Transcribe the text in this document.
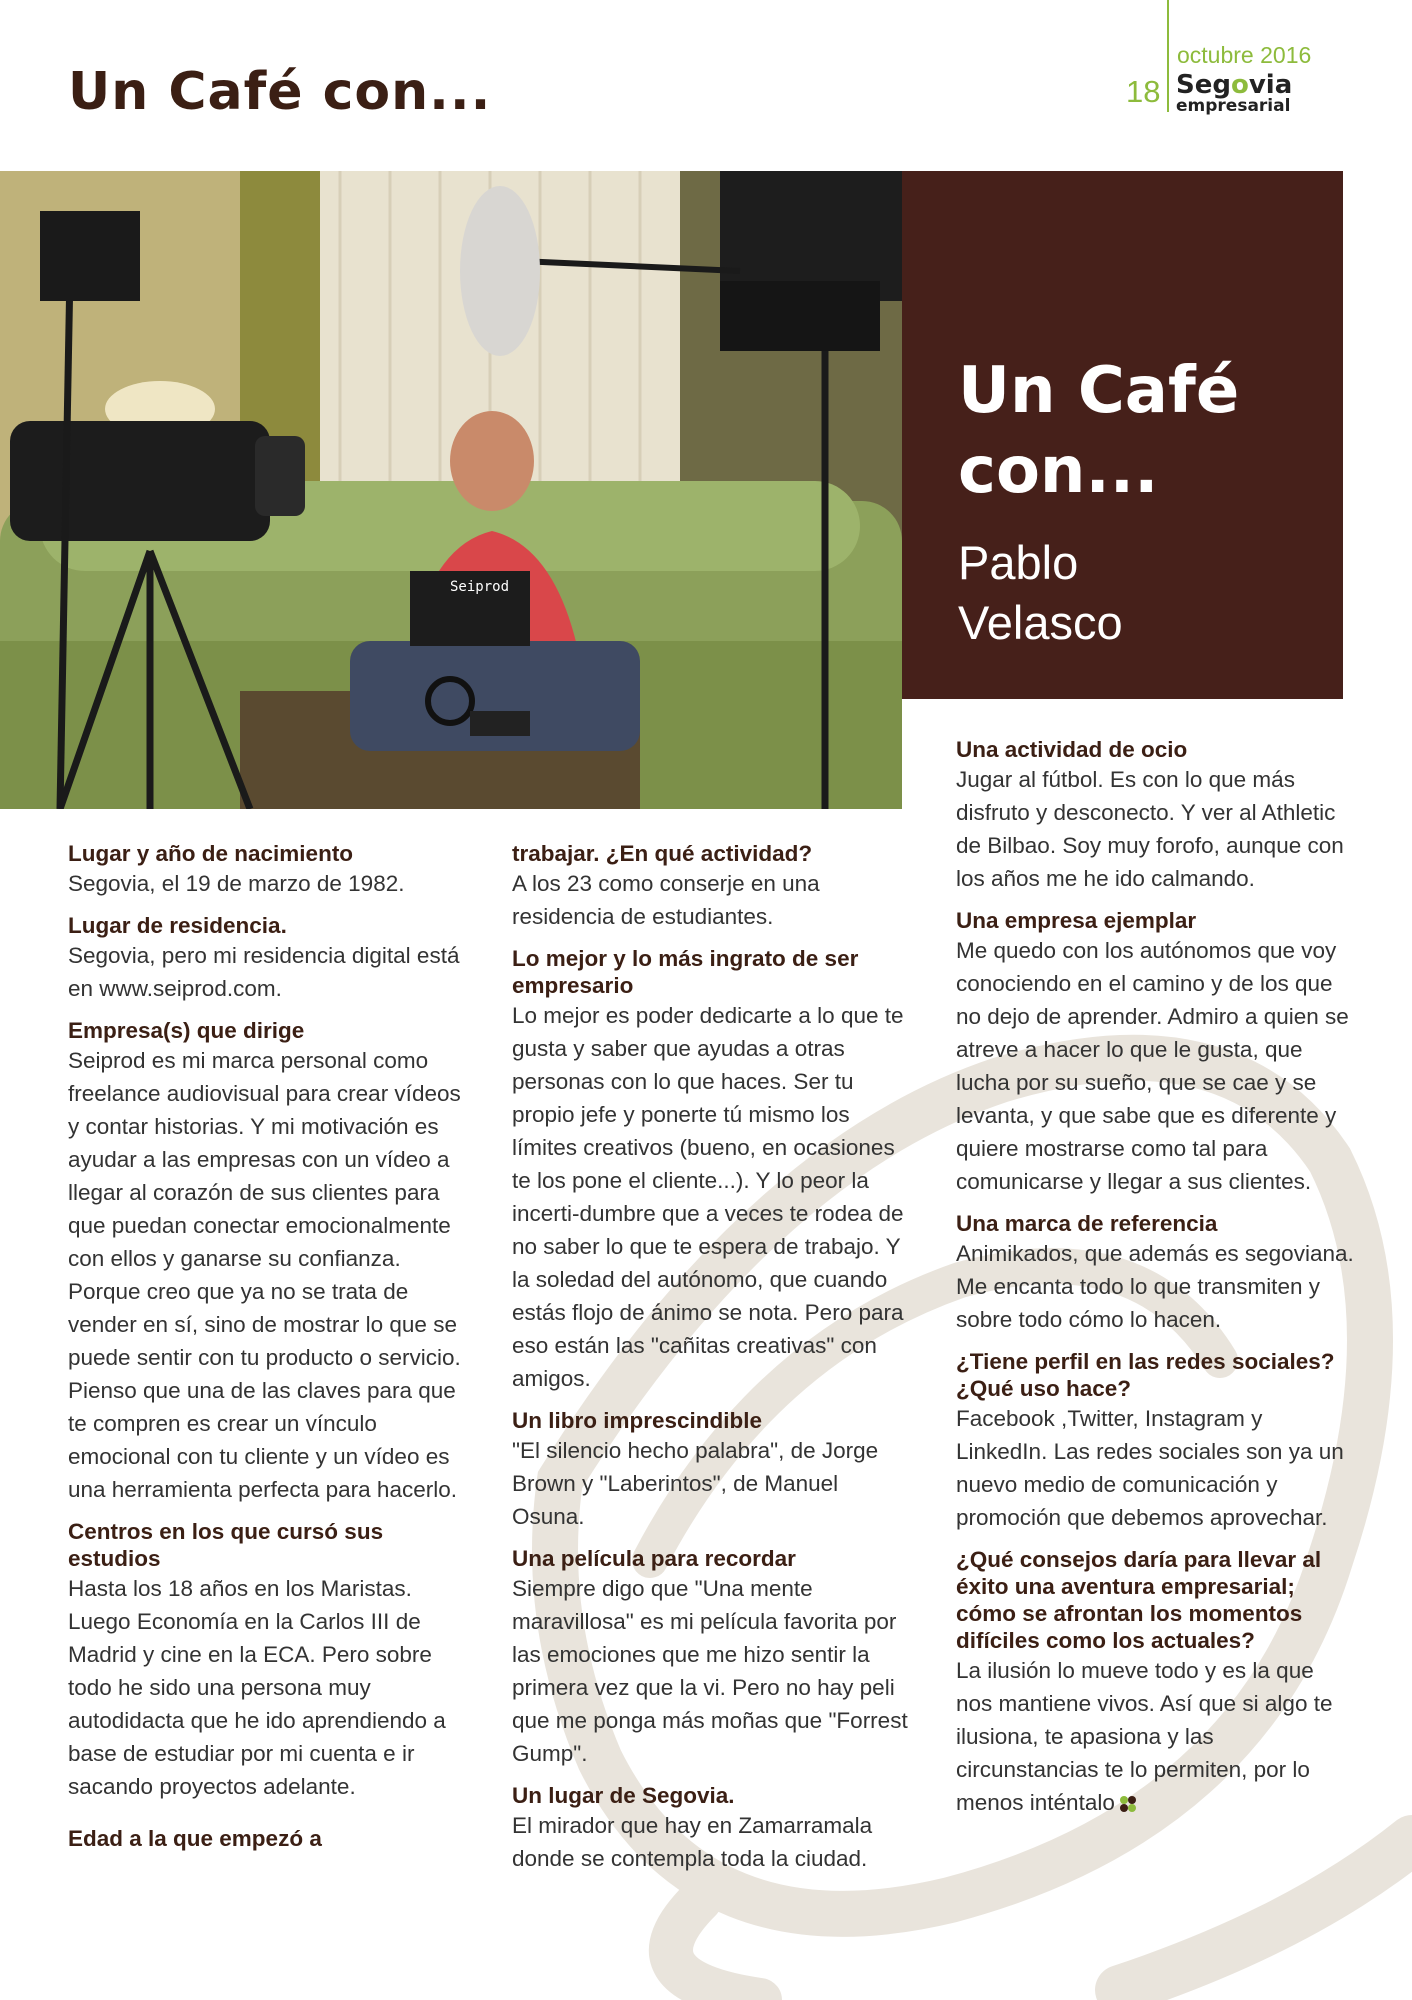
Un Café con...
octubre 2016
18 Segovia
empresarial
Seiprod
Un Café
con...

Pablo
Velasco

Lugar y año de nacimiento

Segovia, el 19 de marzo de 1982.

Lugar de residencia.

Segovia, pero mi residencia digital está en www.seiprod.com.

Empresa(s) que dirige

Seiprod es mi marca personal como freelance audiovisual para crear vídeos y contar historias. Y mi motivación es ayudar a las empresas con un vídeo a llegar al corazón de sus clientes para que puedan conectar emocionalmente con ellos y ganarse su confianza. Porque creo que ya no se trata de vender en sí, sino de mostrar lo que se puede sentir con tu producto o servicio. Pienso que una de las claves para que te compren es crear un vínculo emocional con tu cliente y un vídeo es una herramienta perfecta para hacerlo.

Centros en los que cursó sus estudios

Hasta los 18 años en los Maristas. Luego Economía en la Carlos III de Madrid y cine en la ECA. Pero sobre todo he sido una persona muy autodidacta que he ido aprendiendo a base de estudiar por mi cuenta e ir sacando proyectos adelante.

Edad a la que empezó a
trabajar. ¿En qué actividad?

A los 23 como conserje en una residencia de estudiantes.

Lo mejor y lo más ingrato de ser empresario

Lo mejor es poder dedicarte a lo que te gusta y saber que ayudas a otras personas con lo que haces. Ser tu propio jefe y ponerte tú mismo los límites creativos (bueno, en ocasiones te los pone el cliente...). Y lo peor la incerti-dumbre que a veces te rodea de no saber lo que te espera de trabajo. Y la soledad del autónomo, que cuando estás flojo de ánimo se nota. Pero para eso están las "cañitas creativas" con amigos.

Un libro imprescindible

"El silencio hecho palabra", de Jorge Brown y "Laberintos", de Manuel Osuna.

Una película para recordar

Siempre digo que "Una mente maravillosa" es mi película favorita por las emociones que me hizo sentir la primera vez que la vi. Pero no hay peli que me ponga más moñas que "Forrest Gump".

Un lugar de Segovia.

El mirador que hay en Zamarramala donde se contempla toda la ciudad.

Una actividad de ocio

Jugar al fútbol. Es con lo que más disfruto y desconecto. Y ver al Athletic de Bilbao. Soy muy forofo, aunque con los años me he ido calmando.

Una empresa ejemplar

Me quedo con los autónomos que voy conociendo en el camino y de los que no dejo de aprender. Admiro a quien se atreve a hacer lo que le gusta, que lucha por su sueño, que se cae y se levanta, y que sabe que es diferente y quiere mostrarse como tal para comunicarse y llegar a sus clientes.

Una marca de referencia

Animikados, que además es segoviana. Me encanta todo lo que transmiten y sobre todo cómo lo hacen.

¿Tiene perfil en las redes sociales? ¿Qué uso hace?

Facebook ,Twitter, Instagram y LinkedIn. Las redes sociales son ya un nuevo medio de comunicación y promoción que debemos aprovechar.

¿Qué consejos daría para llevar al éxito una aventura empresarial; cómo se afrontan los momentos difíciles como los actuales?

La ilusión lo mueve todo y es la que nos mantiene vivos. Así que si algo te ilusiona, te apasiona y las circunstancias te lo permiten, por lo menos inténtalo
